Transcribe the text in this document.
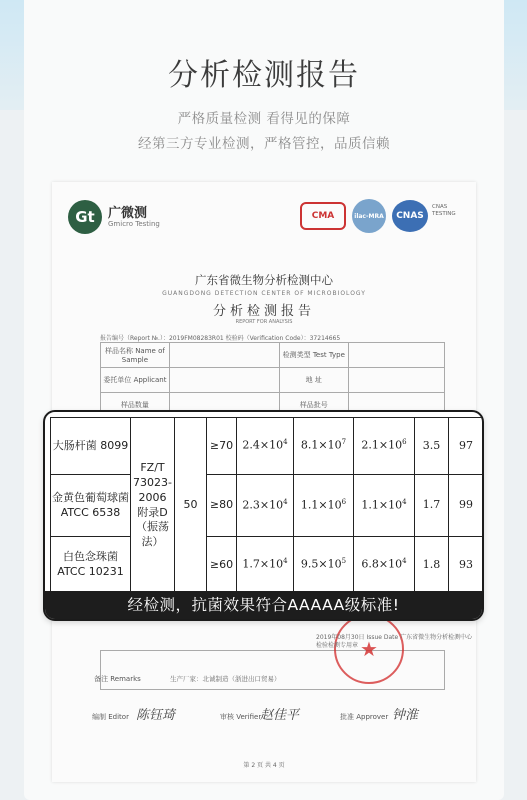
分析检测报告
严格质量检测 看得见的保障
经第三方专业检测，严格管控，品质信赖
Gt	广微测
Gmicro Testing
CMA	ilac-MRA	CNAS
CNAS TESTING
广东省微生物分析检测中心
GUANGDONG DETECTION CENTER OF MICROBIOLOGY
分析检测报告
REPORT FOR ANALYSIS
报告编号（Report №.）：2019FM08283R01 校验码（Verification Code）：37214665
样品名称 Name of Sample		检测类型 Test Type	
委托单位 Applicant		地 址	
样品数量		样品批号	
备注 Remarks	生产厂家：北诚制造（浙进出口贸易）
★
2019年08月30日 Issue Date 广东省微生物分析检测中心 检验检测专用章
编制 Editor 陈钰琦	审核 Verifier
赵佳平	批准 Approver 钟淮
第 2 页 共 4 页
大肠杆菌 8099	FZ/T 73023-2006 附录D（振荡法）	50	≥70	$2.4\times 10^4$	$8.1\times 10^7$	$2.1\times 10^6$	3.5	97
金黄色葡萄球菌 ATCC 6538			≥80	$2.3\times 10^4$	$1.1\times 10^6$	$1.1\times 10^4$	1.7	99
白色念珠菌 ATCC 10231			≥60	$1.7\times 10^4$	$9.5\times 10^5$	$6.8\times 10^4$	1.8	93
经检测，抗菌效果符合AAAAA级标准!
